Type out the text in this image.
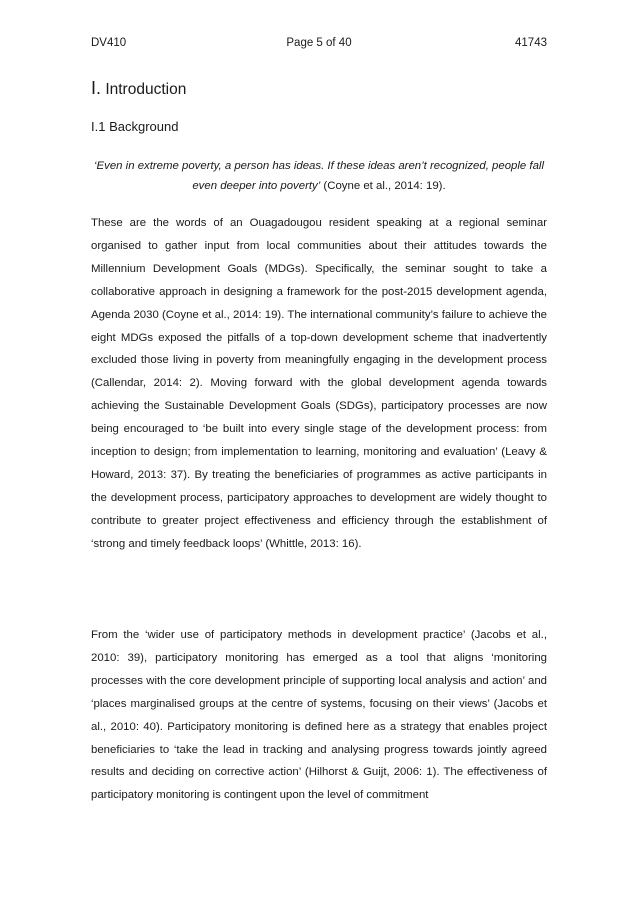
DV410	Page 5 of 40	41743
I. Introduction
I.1 Background

‘Even in extreme poverty, a person has ideas. If these ideas aren’t recognized, people fall even deeper into poverty’ (Coyne et al., 2014: 19).

These are the words of an Ouagadougou resident speaking at a regional seminar organised to gather input from local communities about their attitudes towards the Millennium Development Goals (MDGs). Specifically, the seminar sought to take a collaborative approach in designing a framework for the post-2015 development agenda, Agenda 2030 (Coyne et al., 2014: 19). The international community’s failure to achieve the eight MDGs exposed the pitfalls of a top-down development scheme that inadvertently excluded those living in poverty from meaningfully engaging in the development process (Callendar, 2014: 2). Moving forward with the global development agenda towards achieving the Sustainable Development Goals (SDGs), participatory processes are now being encouraged to ‘be built into every single stage of the development process: from inception to design; from implementation to learning, monitoring and evaluation’ (Leavy & Howard, 2013: 37). By treating the beneficiaries of programmes as active participants in the development process, participatory approaches to development are widely thought to contribute to greater project effectiveness and efficiency through the establishment of ‘strong and timely feedback loops’ (Whittle, 2013: 16).

From the ‘wider use of participatory methods in development practice’ (Jacobs et al., 2010: 39), participatory monitoring has emerged as a tool that aligns ‘monitoring processes with the core development principle of supporting local analysis and action’ and ‘places marginalised groups at the centre of systems, focusing on their views’ (Jacobs et al., 2010: 40). Participatory monitoring is defined here as a strategy that enables project beneficiaries to ‘take the lead in tracking and analysing progress towards jointly agreed results and deciding on corrective action’ (Hilhorst & Guijt, 2006: 1). The effectiveness of participatory monitoring is contingent upon the level of commitment
